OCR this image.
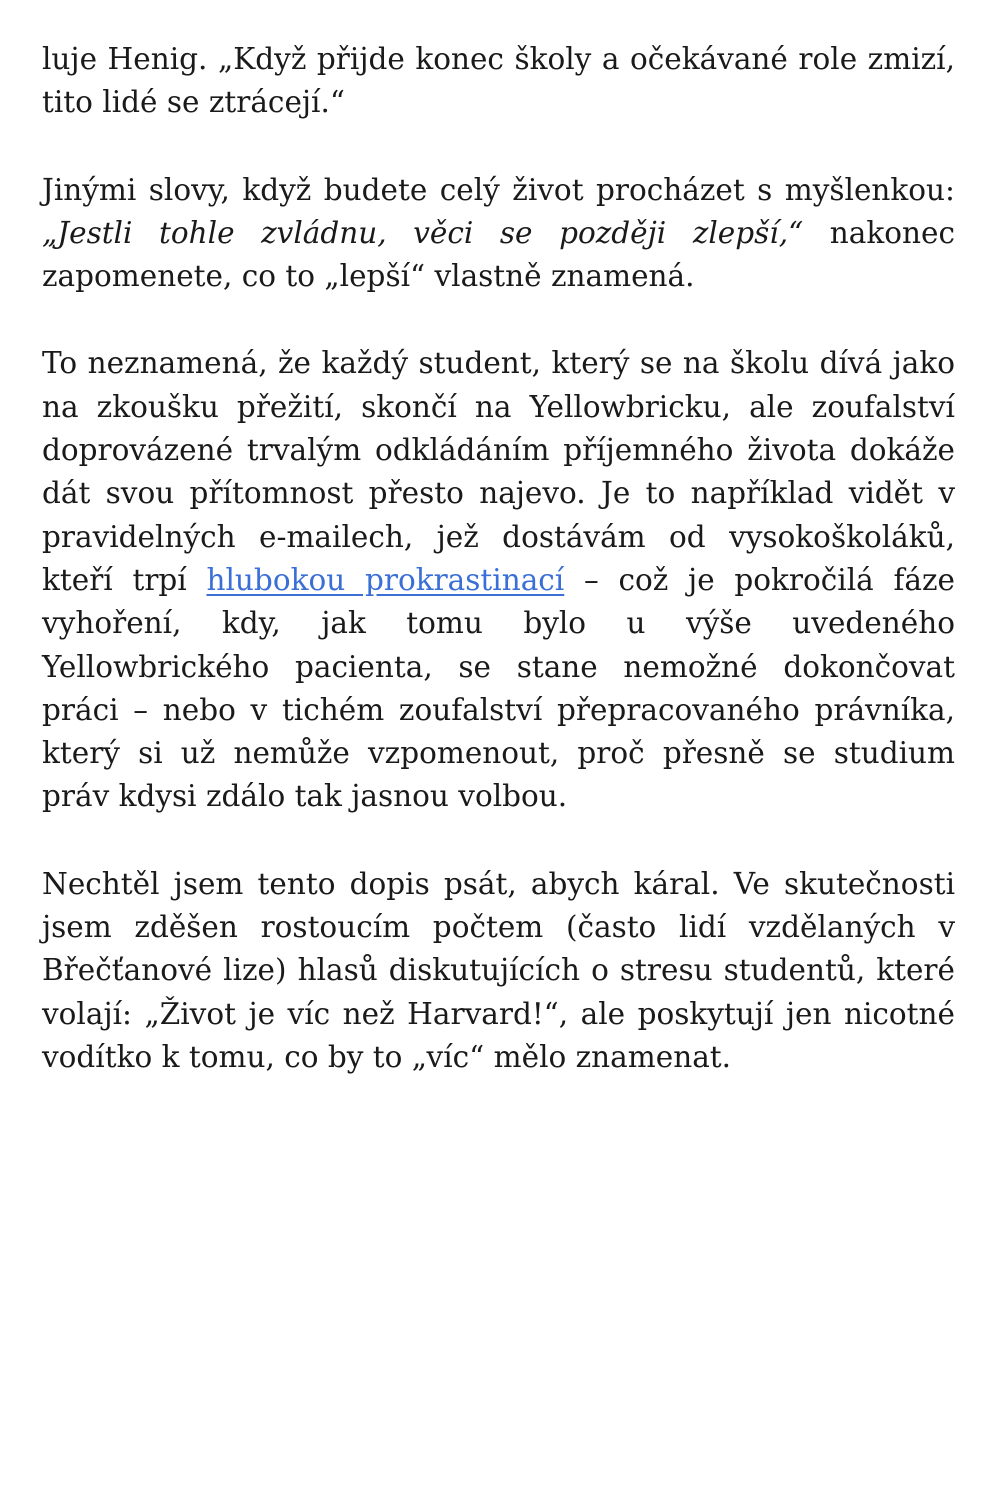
luje Henig. „Když přijde konec školy a očekávané role zmizí, tito lidé se ztrácejí.“

Jinými slovy, když budete celý život procházet s myšlenkou: „Jestli tohle zvládnu, věci se později zlepší,“ nakonec zapomenete, co to „lepší“ vlastně znamená.

To neznamená, že každý student, který se na školu dívá jako na zkoušku přežití, skončí na Yellowbricku, ale zoufalství doprovázené trvalým odkládáním příjemného života dokáže dát svou přítomnost přesto najevo. Je to například vidět v pravidelných e-mailech, jež dostávám od vysokoškoláků, kteří trpí hlubokou prokrastinací – což je pokročilá fáze vyhoření, kdy, jak tomu bylo u výše uvedeného Yellowbrického pacienta, se stane nemožné dokončovat práci – nebo v tichém zoufalství přepracovaného právníka, který si už nemůže vzpomenout, proč přesně se studium práv kdysi zdálo tak jasnou volbou.

Nechtěl jsem tento dopis psát, abych káral. Ve skutečnosti jsem zděšen rostoucím počtem (často lidí vzdělaných v Břečťanové lize) hlasů diskutujících o stresu studentů, které volají: „Život je víc než Harvard!“, ale poskytují jen nicotné vodítko k tomu, co by to „víc“ mělo znamenat.
